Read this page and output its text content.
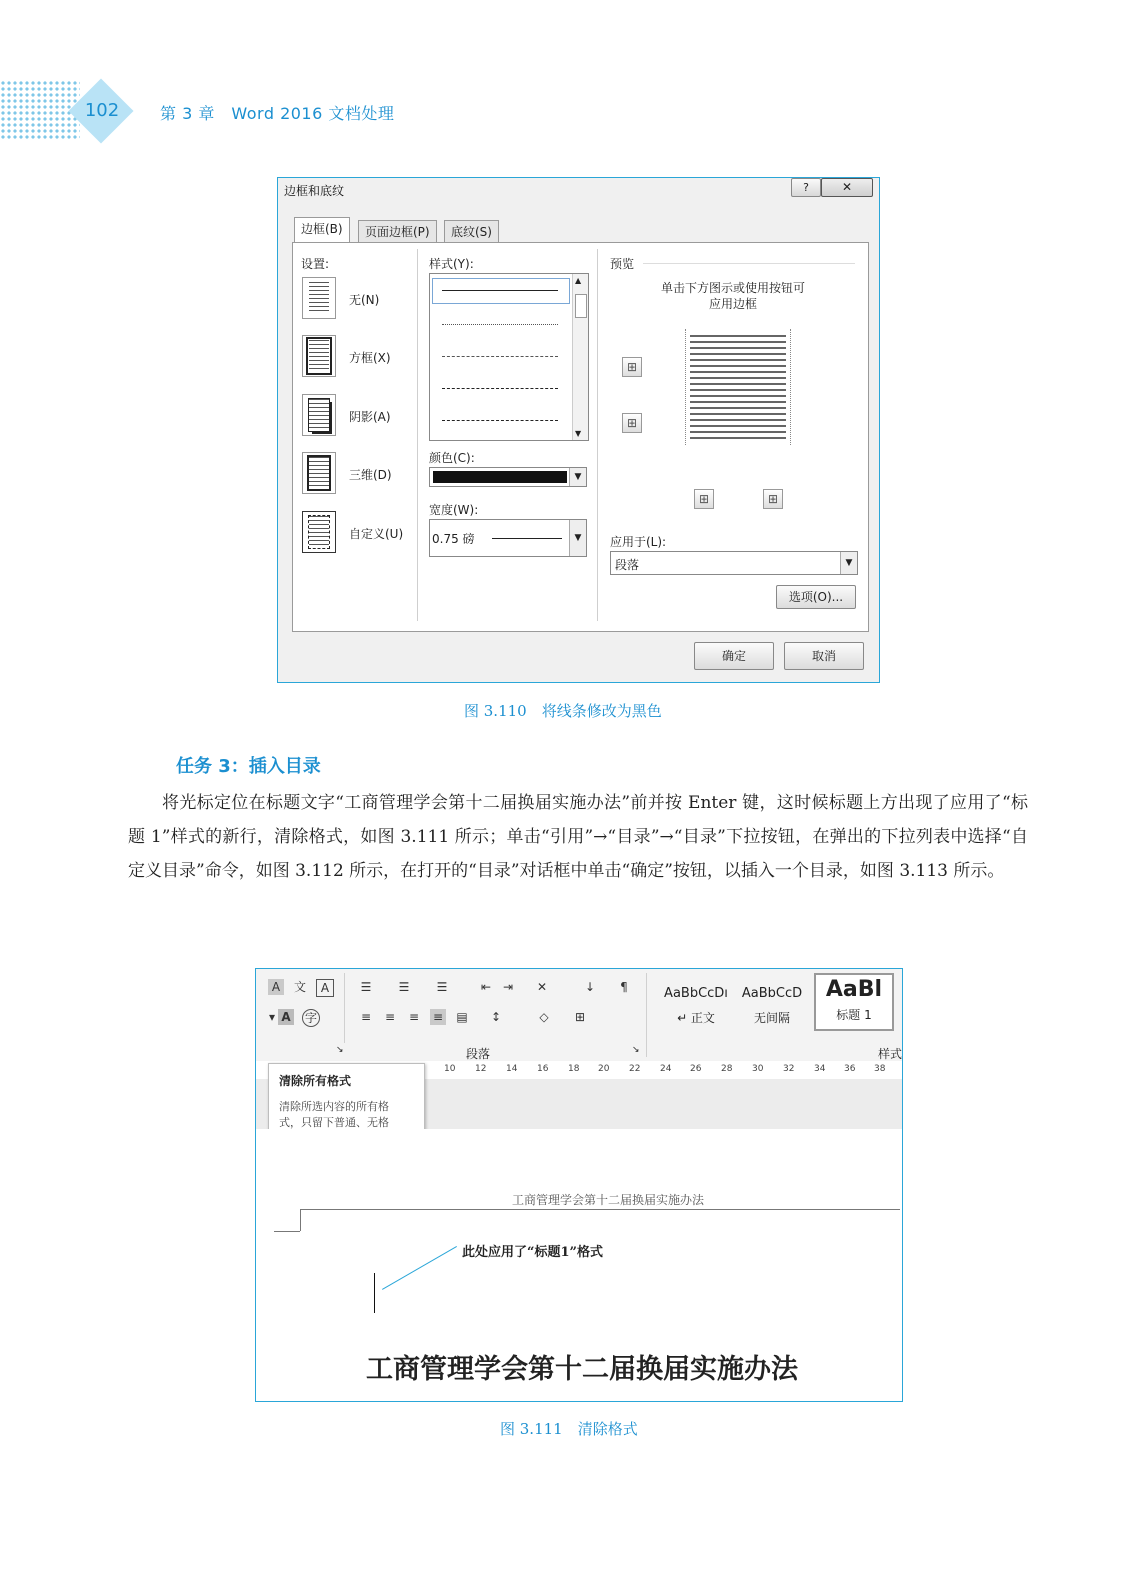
102	第 3 章　Word 2016 文档处理
边框和底纹	?	✕
边框(B)	页面边框(P)	底纹(S)
设置:
无(N)
方框(X)
阴影(A)
三维(D)
自定义(U)
样式(Y):
▲
▼
颜色(C):
▼
宽度(W):
0.75 磅	▼
预览
单击下方图示或使用按钮可
应用边框
⊞
⊞
⊞	⊞
应用于(L):
段落	▼
选项(O)...
确定	取消
图 3.110　将线条修改为黑色
任务 3：插入目录

将光标定位在标题文字“工商管理学会第十二届换届实施办法”前并按 Enter 键，这时候标题上方出现了应用了“标题 1”样式的新行，清除格式，如图 3.111 所示；单击“引用”→“目录”→“目录”下拉按钮，在弹出的下拉列表中选择“自定义目录”命令，如图 3.112 所示，在打开的“目录”对话框中单击“确定”按钮，以插入一个目录，如图 3.113 所示。

A	文	A
▾ A 字
↘
☰ ☰ ☰	⇤ ⇥ ✕	↓	¶
≡ ≡ ≡ ≡ ▤ ↕	◇ ⊞
段落	↘
AaBbCcDı
↵ 正文
AaBbCcD
无间隔
AaBl
标题 1
样式
10 12 14 16 18 20 22 24 26 28 30 32 34 36 38
清除所有格式
清除所选内容的所有格
式，只留下普通、无格
工商管理学会第十二届换届实施办法
此处应用了“标题1”格式
工商管理学会第十二届换届实施办法
图 3.111　清除格式
